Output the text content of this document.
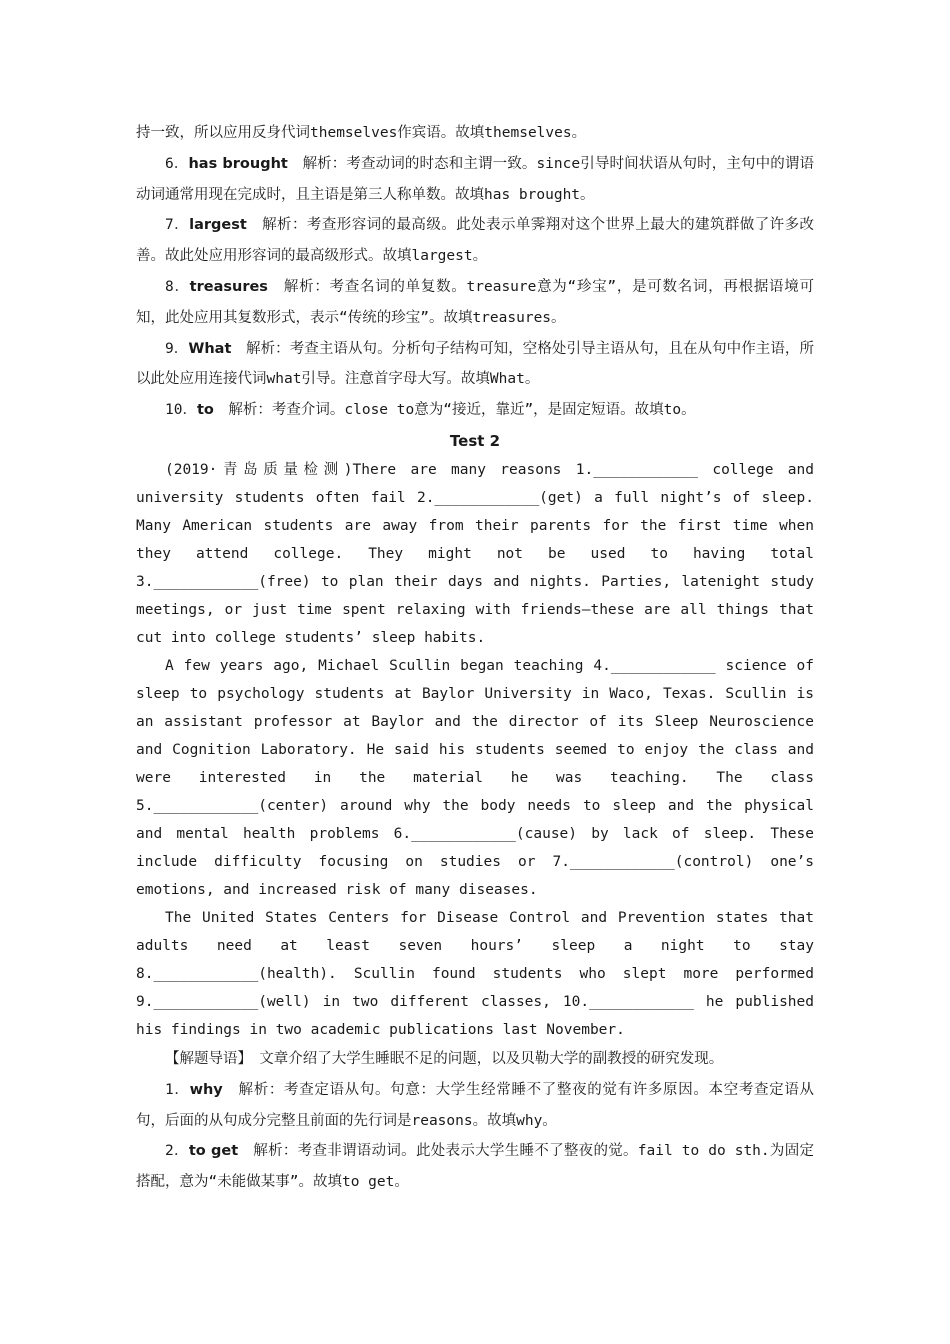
持一致，所以应用反身代词themselves作宾语。故填themselves。

6．has brought　解析：考查动词的时态和主谓一致。since引导时间状语从句时，主句中的谓语动词通常用现在完成时，且主语是第三人称单数。故填has brought。

7．largest　解析：考查形容词的最高级。此处表示单霁翔对这个世界上最大的建筑群做了许多改善。故此处应用形容词的最高级形式。故填largest。

8．treasures　解析：考查名词的单复数。treasure意为“珍宝”，是可数名词，再根据语境可知，此处应用其复数形式，表示“传统的珍宝”。故填treasures。

9．What　解析：考查主语从句。分析句子结构可知，空格处引导主语从句，且在从句中作主语，所以此处应用连接代词what引导。注意首字母大写。故填What。

10．to　解析：考查介词。close to意为“接近，靠近”，是固定短语。故填to。

Test 2

(2019·青岛质量检测)There are many reasons 1.____________ college and university students often fail 2.____________(get) a full night’s of sleep. Many American students are away from their parents for the first time when they attend college. They might not be used to having total 3.____________(free) to plan their days and nights. Parties, latenight study meetings, or just time spent relaxing with friends—these are all things that cut into college students’ sleep habits.

A few years ago, Michael Scullin began teaching 4.____________ science of sleep to psychology students at Baylor University in Waco, Texas. Scullin is an assistant professor at Baylor and the director of its Sleep Neuroscience and Cognition Laboratory. He said his students seemed to enjoy the class and were interested in the material he was teaching. The class 5.____________(center) around why the body needs to sleep and the physical and mental health problems 6.____________(cause) by lack of sleep. These include difficulty focusing on studies or 7.____________(control) one’s emotions, and increased risk of many diseases.

The United States Centers for Disease Control and Prevention states that adults need at least seven hours’ sleep a night to stay 8.____________(health). Scullin found students who slept more performed 9.____________(well) in two different classes, 10.____________ he published his findings in two academic publications last November.

【解题导语】　文章介绍了大学生睡眠不足的问题，以及贝勒大学的副教授的研究发现。

1．why　解析：考查定语从句。句意：大学生经常睡不了整夜的觉有许多原因。本空考查定语从句，后面的从句成分完整且前面的先行词是reasons。故填why。

2．to get　解析：考查非谓语动词。此处表示大学生睡不了整夜的觉。fail to do sth.为固定搭配，意为“未能做某事”。故填to get。
